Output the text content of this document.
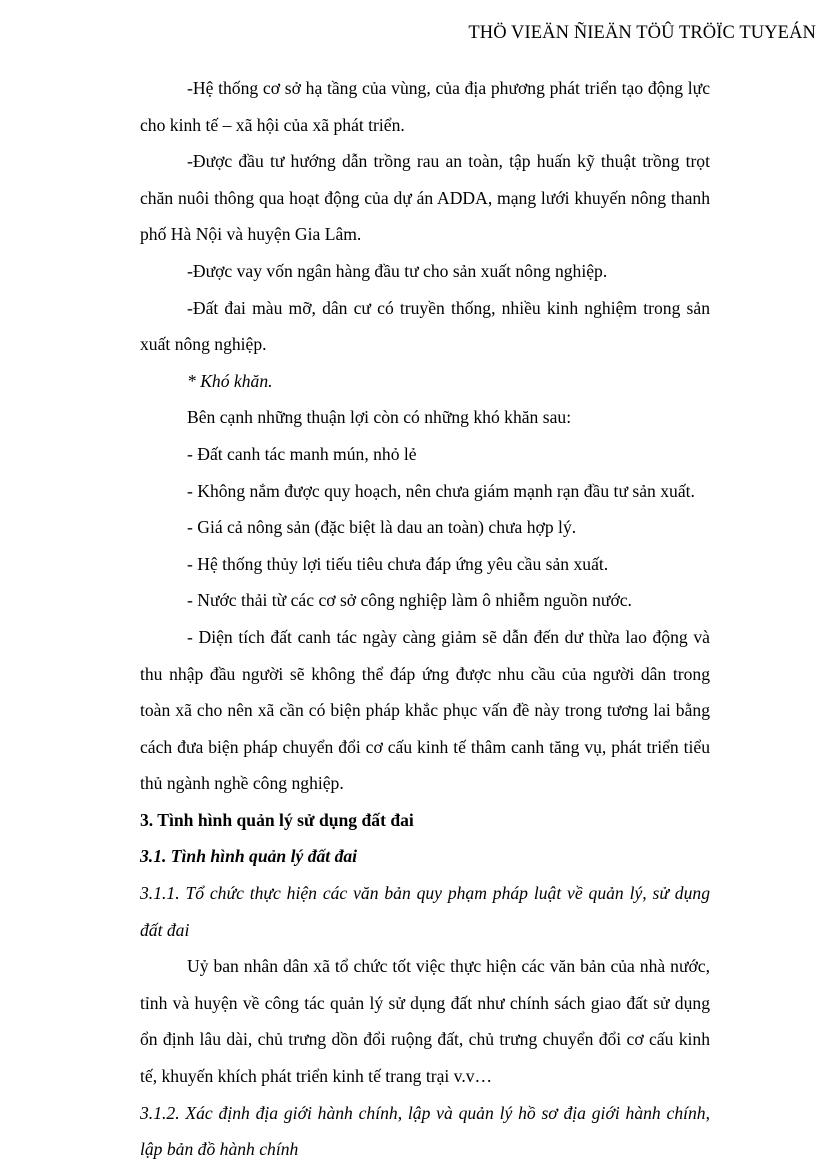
THÖ VIEÄN ÑIEÄN TÖÛ TRÖÏC TUYEÁN

-Hệ thống cơ sở hạ tầng của vùng, của địa phương phát triển tạo động lực cho kinh tế – xã hội của xã phát triển.

-Được đầu tư hướng dẫn trồng rau an toàn, tập huấn kỹ thuật trồng trọt chăn nuôi thông qua hoạt động của dự án ADDA, mạng lưới khuyến nông thanh phố Hà Nội và huyện Gia Lâm.

-Được vay vốn ngân hàng đầu tư cho sản xuất nông nghiệp.

-Đất đai màu mỡ, dân cư có truyền thống, nhiều kinh nghiệm trong sản xuất nông nghiệp.

* Khó khăn.

Bên cạnh những thuận lợi còn có những khó khăn sau:

- Đất canh tác manh mún, nhỏ lẻ

- Không nắm được quy hoạch, nên chưa giám mạnh rạn đầu tư sản xuất.

- Giá cả nông sản (đặc biệt là dau an toàn) chưa hợp lý.

- Hệ thống thủy lợi tiếu tiêu chưa đáp ứng yêu cầu sản xuất.

- Nước thải từ các cơ sở công nghiệp làm ô nhiễm nguồn nước.

- Diện tích đất canh tác ngày càng giảm sẽ dẫn đến dư thừa lao động và thu nhập đầu người sẽ không thể đáp ứng được nhu cầu của người dân trong toàn xã cho nên xã cần có biện pháp khắc phục vấn đề này trong tương lai bằng cách đưa biện pháp chuyển đổi cơ cấu kinh tế thâm canh tăng vụ, phát triển tiểu thủ ngành nghề công nghiệp.

3. Tình hình quản lý sử dụng đất đai

3.1. Tình hình quản lý đất đai

3.1.1. Tổ chức thực hiện các văn bản quy phạm pháp luật về quản lý, sử dụng đất đai

Uỷ ban nhân dân xã tổ chức tốt việc thực hiện các văn bản của nhà nước, tỉnh và huyện về công tác quản lý sử dụng đất như chính sách giao đất sử dụng ổn định lâu dài, chủ trưng dồn đổi ruộng đất, chủ trưng chuyển đổi cơ cấu kinh tế, khuyến khích phát triển kinh tế trang trại v.v…

3.1.2. Xác định địa giới hành chính, lập và quản lý hồ sơ địa giới hành chính, lập bản đồ hành chính
